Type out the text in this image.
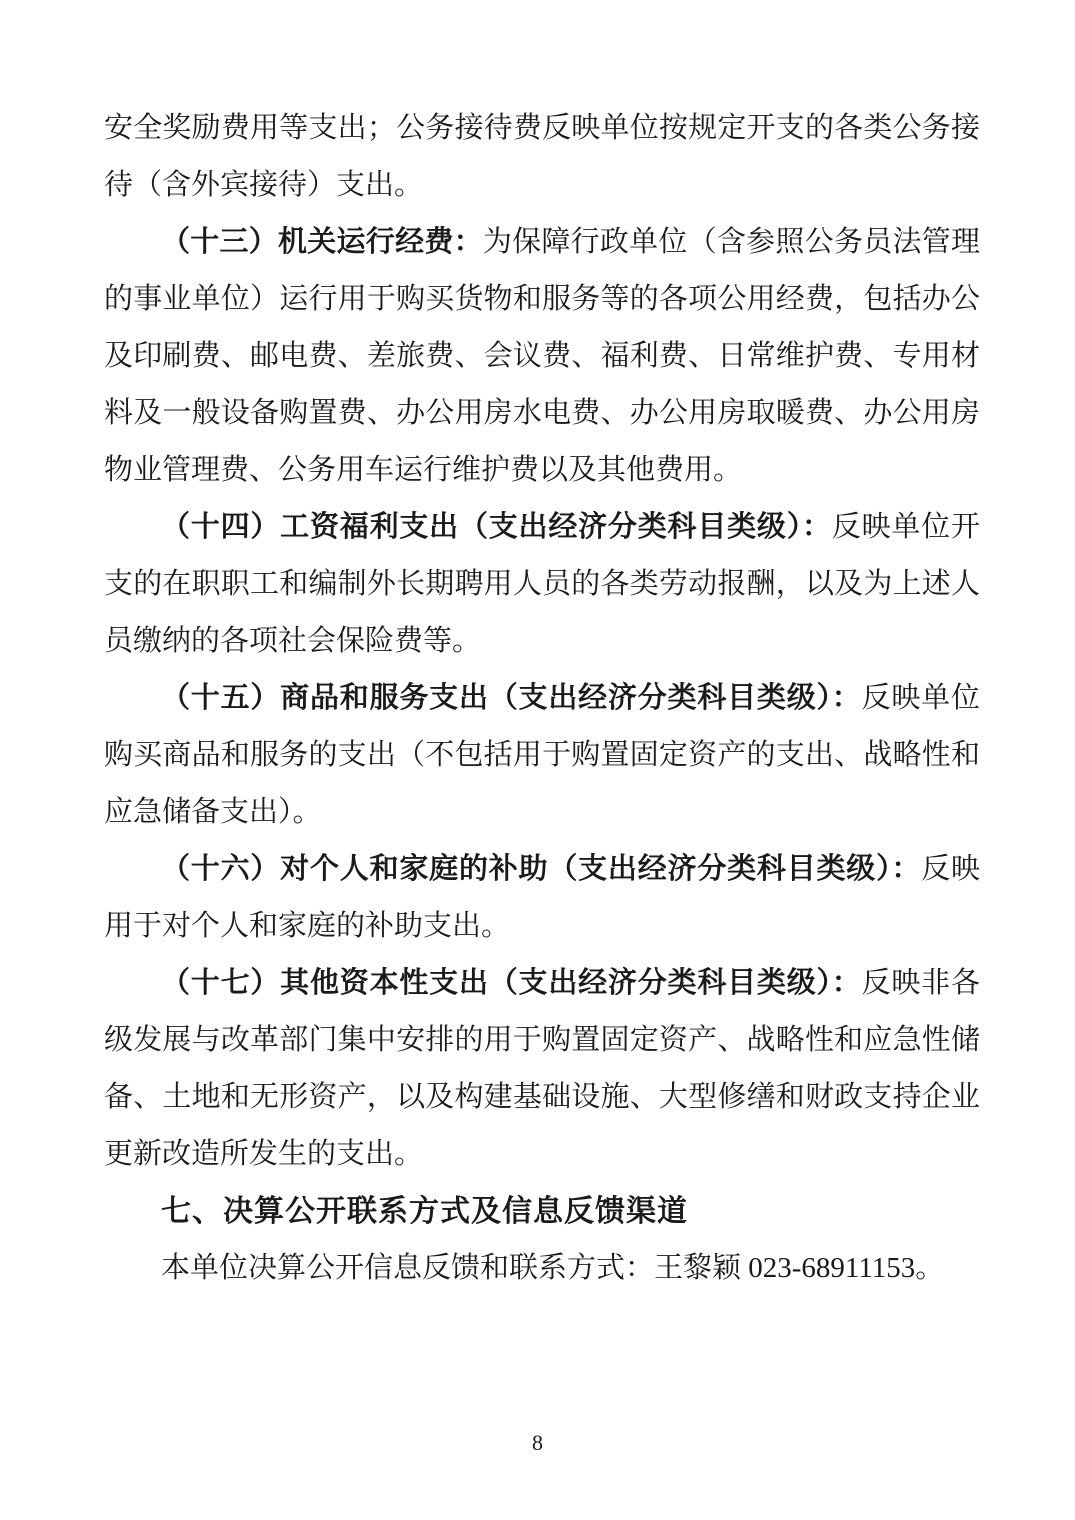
安全奖励费用等支出；公务接待费反映单位按规定开支的各类公务接
待（含外宾接待）支出。
（十三）机关运行经费：为保障行政单位（含参照公务员法管理
的事业单位）运行用于购买货物和服务等的各项公用经费，包括办公
及印刷费、邮电费、差旅费、会议费、福利费、日常维护费、专用材
料及一般设备购置费、办公用房水电费、办公用房取暖费、办公用房
物业管理费、公务用车运行维护费以及其他费用。
（十四）工资福利支出（支出经济分类科目类级）：反映单位开
支的在职职工和编制外长期聘用人员的各类劳动报酬，以及为上述人
员缴纳的各项社会保险费等。
（十五）商品和服务支出（支出经济分类科目类级）：反映单位
购买商品和服务的支出（不包括用于购置固定资产的支出、战略性和
应急储备支出）。
（十六）对个人和家庭的补助（支出经济分类科目类级）：反映
用于对个人和家庭的补助支出。
（十七）其他资本性支出（支出经济分类科目类级）：反映非各
级发展与改革部门集中安排的用于购置固定资产、战略性和应急性储
备、土地和无形资产，以及构建基础设施、大型修缮和财政支持企业
更新改造所发生的支出。
七、决算公开联系方式及信息反馈渠道
本单位决算公开信息反馈和联系方式：王黎颖 023-68911153。
8
